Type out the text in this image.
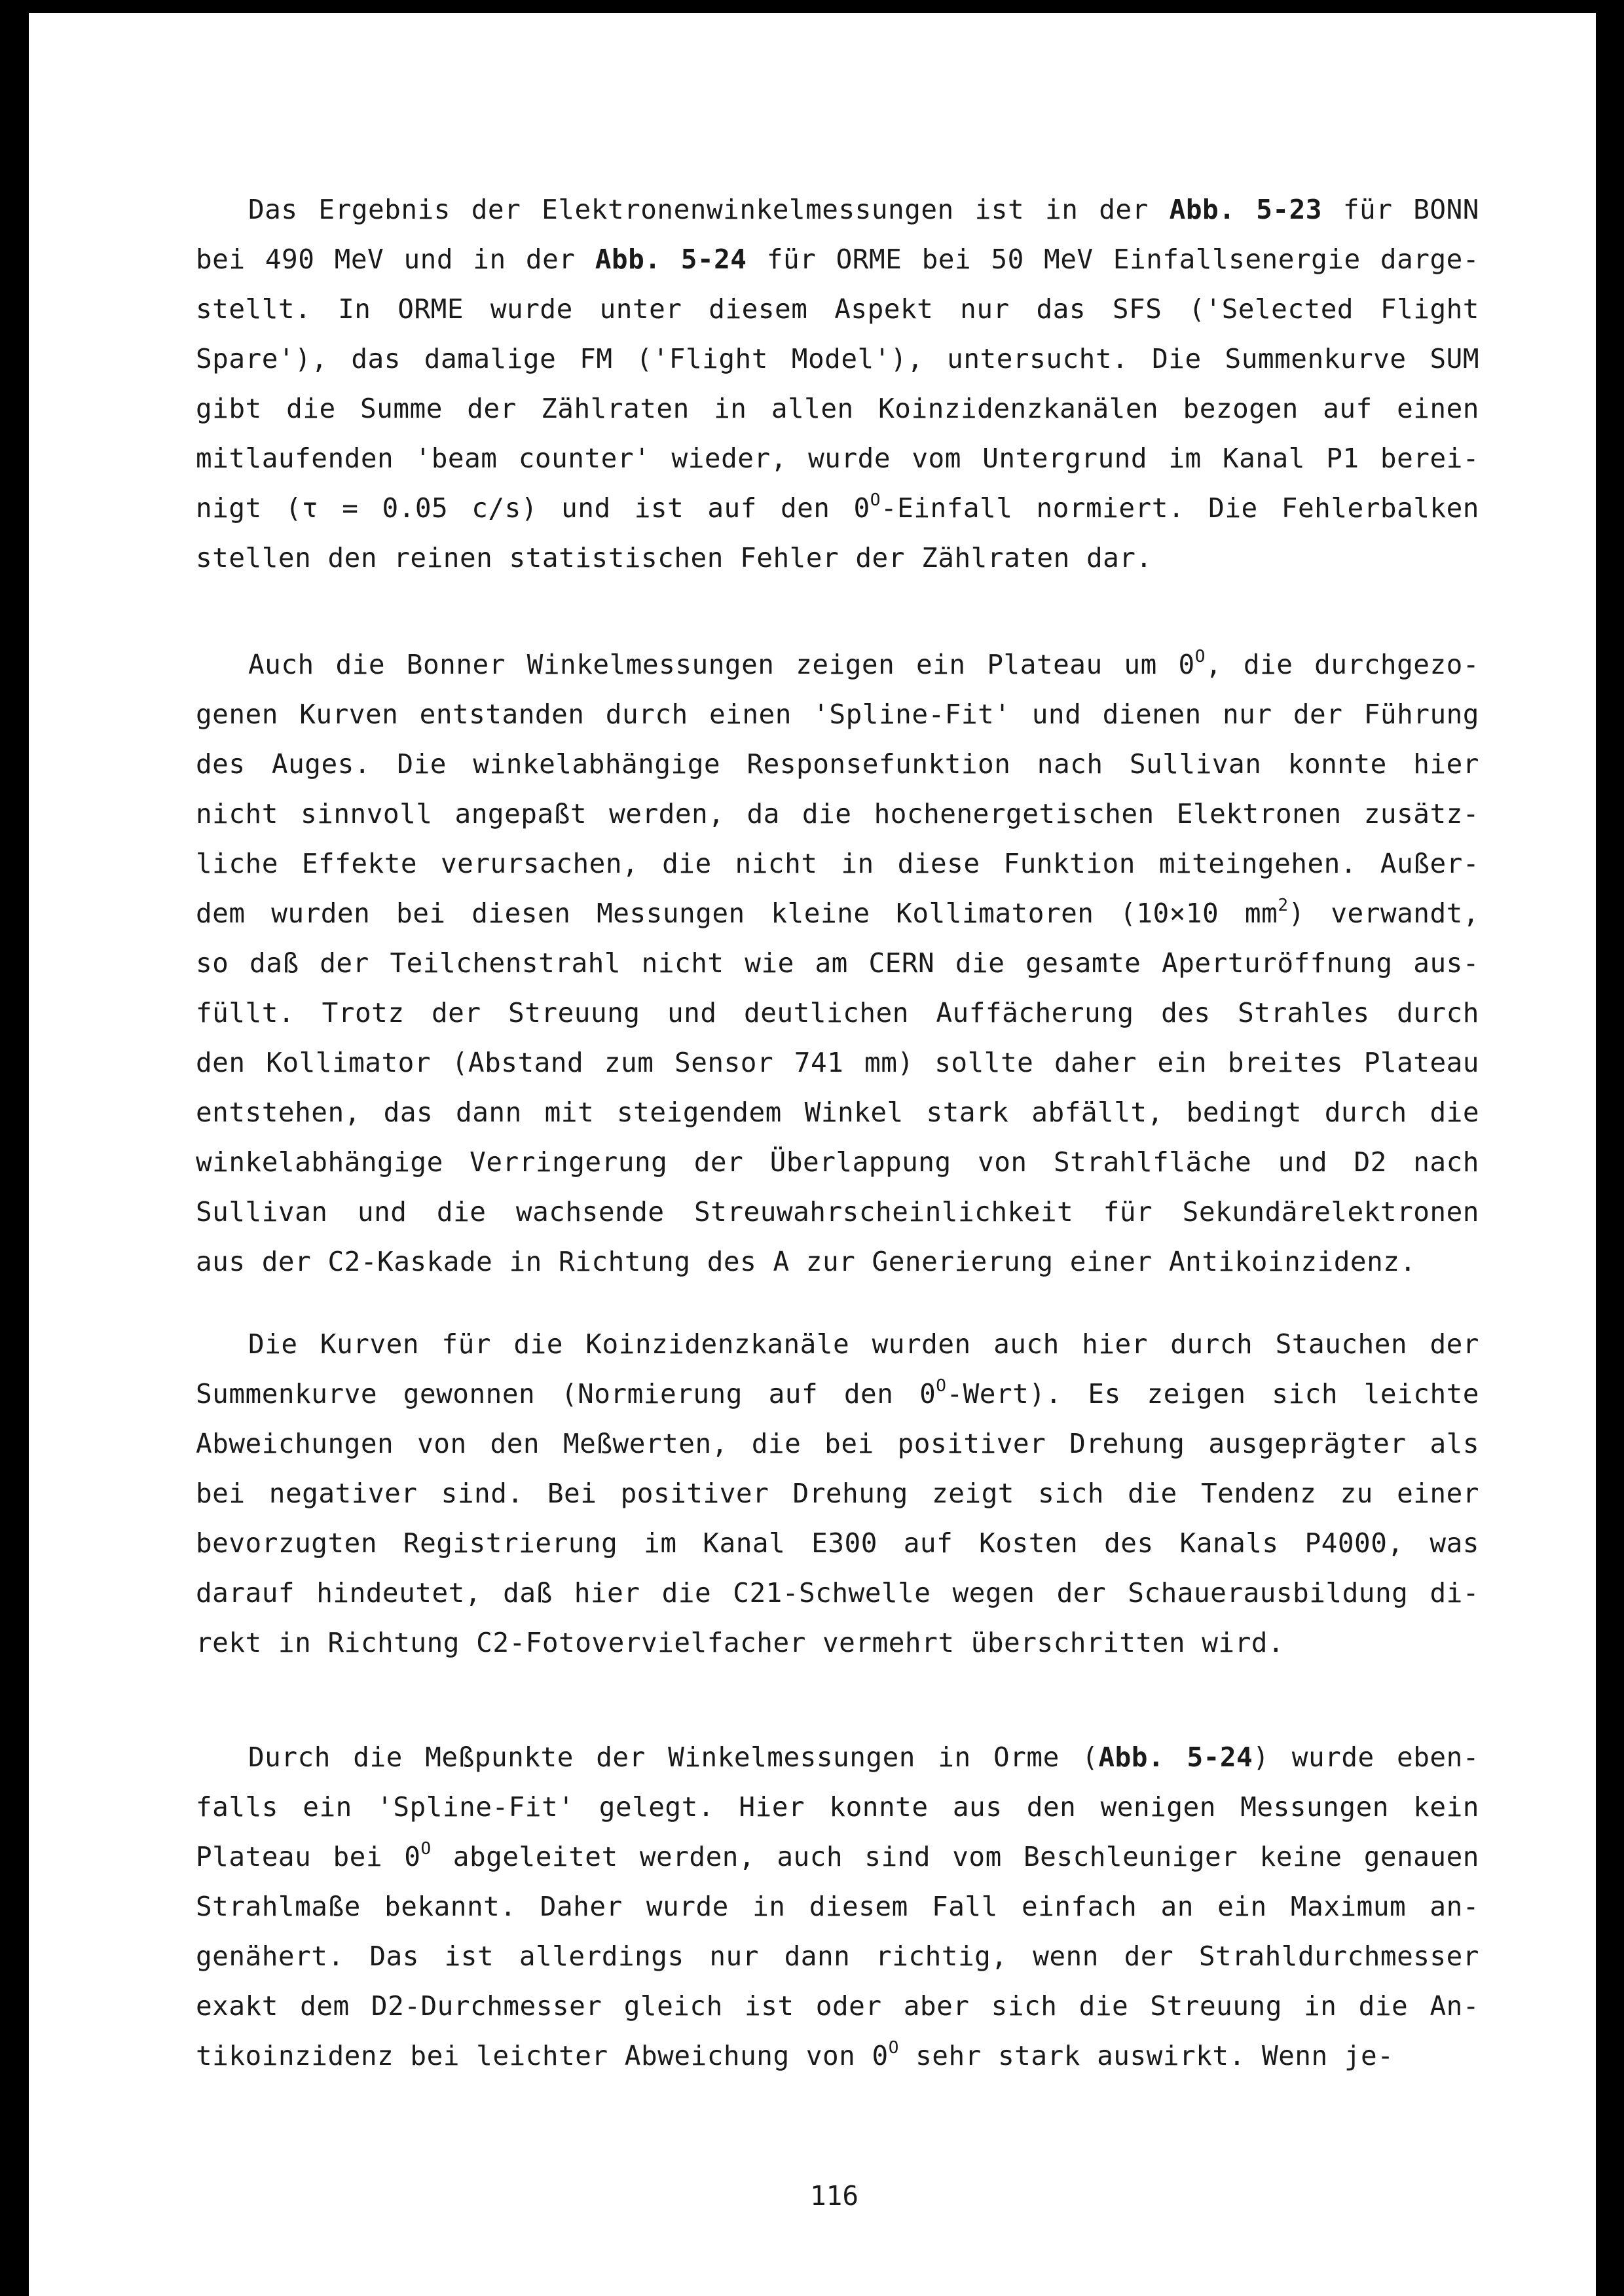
Das Ergebnis der Elektronenwinkelmessungen ist in der Abb. 5-23 für BONN
bei 490 MeV und in der Abb. 5-24 für ORME bei 50 MeV Einfallsenergie darge-
stellt. In ORME wurde unter diesem Aspekt nur das SFS ('Selected Flight
Spare'), das damalige FM ('Flight Model'), untersucht. Die Summenkurve SUM
gibt die Summe der Zählraten in allen Koinzidenzkanälen bezogen auf einen
mitlaufenden 'beam counter' wieder, wurde vom Untergrund im Kanal P1 berei-
nigt (τ = 0.05 c/s) und ist auf den $0^O$-Einfall normiert. Die Fehlerbalken
stellen den reinen statistischen Fehler der Zählraten dar.
Auch die Bonner Winkelmessungen zeigen ein Plateau um $0^O$, die durchgezo-
genen Kurven entstanden durch einen 'Spline-Fit' und dienen nur der Führung
des Auges. Die winkelabhängige Responsefunktion nach Sullivan konnte hier
nicht sinnvoll angepaßt werden, da die hochenergetischen Elektronen zusätz-
liche Effekte verursachen, die nicht in diese Funktion miteingehen. Außer-
dem wurden bei diesen Messungen kleine Kollimatoren (10×10 $mm^2$) verwandt,
so daß der Teilchenstrahl nicht wie am CERN die gesamte Aperturöffnung aus-
füllt. Trotz der Streuung und deutlichen Auffächerung des Strahles durch
den Kollimator (Abstand zum Sensor 741 mm) sollte daher ein breites Plateau
entstehen, das dann mit steigendem Winkel stark abfällt, bedingt durch die
winkelabhängige Verringerung der Überlappung von Strahlfläche und D2 nach
Sullivan und die wachsende Streuwahrscheinlichkeit für Sekundärelektronen
aus der C2-Kaskade in Richtung des A zur Generierung einer Antikoinzidenz.
Die Kurven für die Koinzidenzkanäle wurden auch hier durch Stauchen der
Summenkurve gewonnen (Normierung auf den $0^O-Wert$). Es zeigen sich leichte
Abweichungen von den Meßwerten, die bei positiver Drehung ausgeprägter als
bei negativer sind. Bei positiver Drehung zeigt sich die Tendenz zu einer
bevorzugten Registrierung im Kanal E300 auf Kosten des Kanals P4000, was
darauf hindeutet, daß hier die C21-Schwelle wegen der Schauerausbildung di-
rekt in Richtung C2-Fotovervielfacher vermehrt überschritten wird.
Durch die Meßpunkte der Winkelmessungen in Orme (Abb. 5-24) wurde eben-
falls ein 'Spline-Fit' gelegt. Hier konnte aus den wenigen Messungen kein
Plateau bei $0^O$ abgeleitet werden, auch sind vom Beschleuniger keine genauen
Strahlmaße bekannt. Daher wurde in diesem Fall einfach an ein Maximum an-
genähert. Das ist allerdings nur dann richtig, wenn der Strahldurchmesser
exakt dem D2-Durchmesser gleich ist oder aber sich die Streuung in die An-
tikoinzidenz bei leichter Abweichung von $0^O$ sehr stark auswirkt. Wenn je-
116
